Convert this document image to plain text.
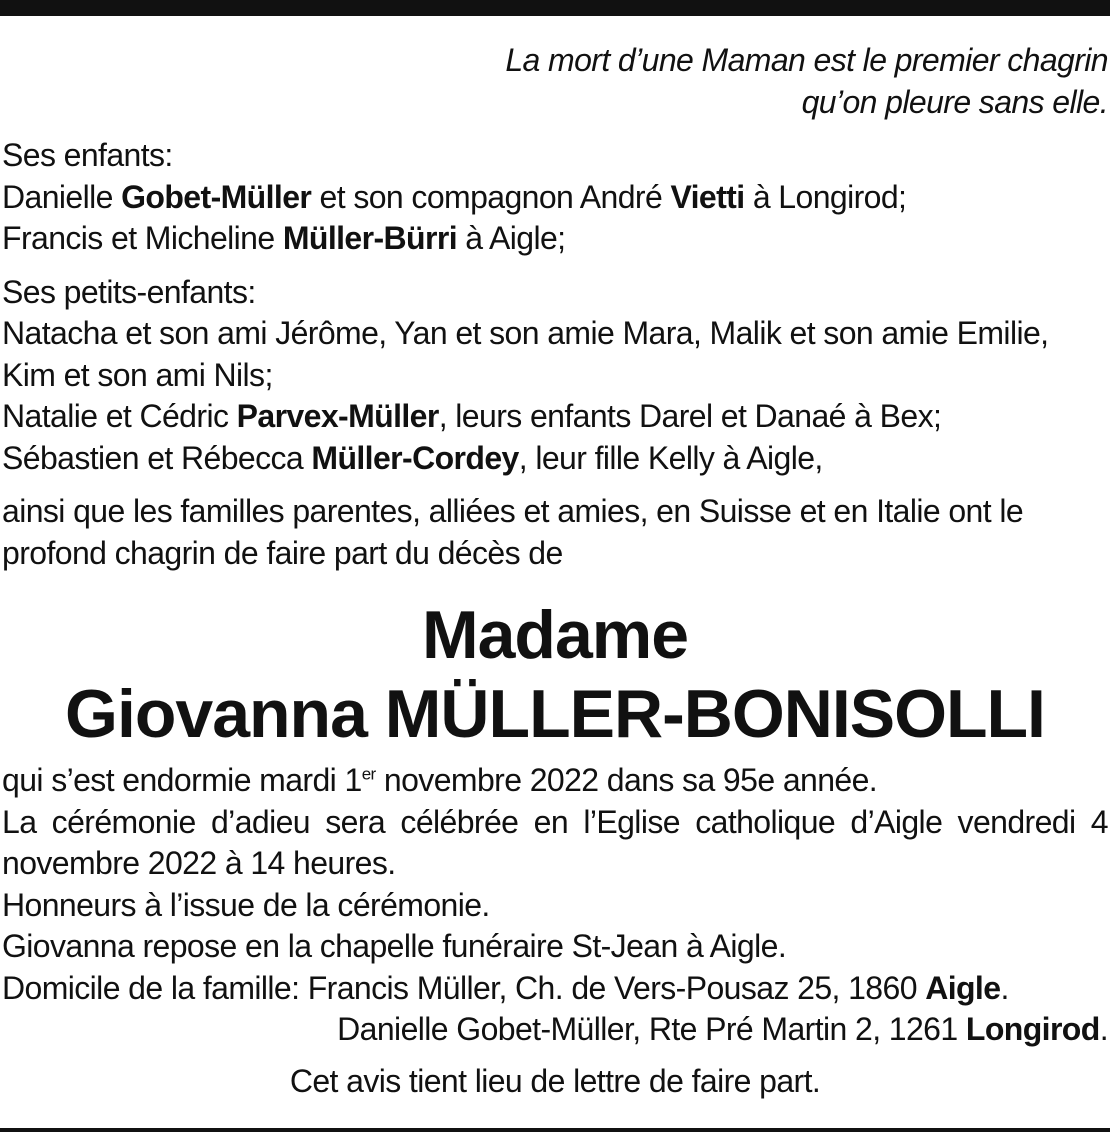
La mort d’une Maman est le premier chagrin
qu’on pleure sans elle.
Ses enfants:
Danielle Gobet-Müller et son compagnon André Vietti à Longirod;
Francis et Micheline Müller-Bürri à Aigle;
Ses petits-enfants:
Natacha et son ami Jérôme, Yan et son amie Mara, Malik et son amie Emilie,
Kim et son ami Nils;
Natalie et Cédric Parvex-Müller, leurs enfants Darel et Danaé à Bex;
Sébastien et Rébecca Müller-Cordey, leur fille Kelly à Aigle,
ainsi que les familles parentes, alliées et amies, en Suisse et en Italie ont le
profond chagrin de faire part du décès de
Madame
Giovanna MÜLLER-BONISOLLI
qui s’est endormie mardi 1er novembre 2022 dans sa 95e année.
La cérémonie d’adieu sera célébrée en l’Eglise catholique d’Aigle vendredi 4 novembre 2022 à 14 heures.
Honneurs à l’issue de la cérémonie.
Giovanna repose en la chapelle funéraire St-Jean à Aigle.
Domicile de la famille: Francis Müller, Ch. de Vers-Pousaz 25, 1860 Aigle.
Danielle Gobet-Müller, Rte Pré Martin 2, 1261 Longirod.
Cet avis tient lieu de lettre de faire part.
